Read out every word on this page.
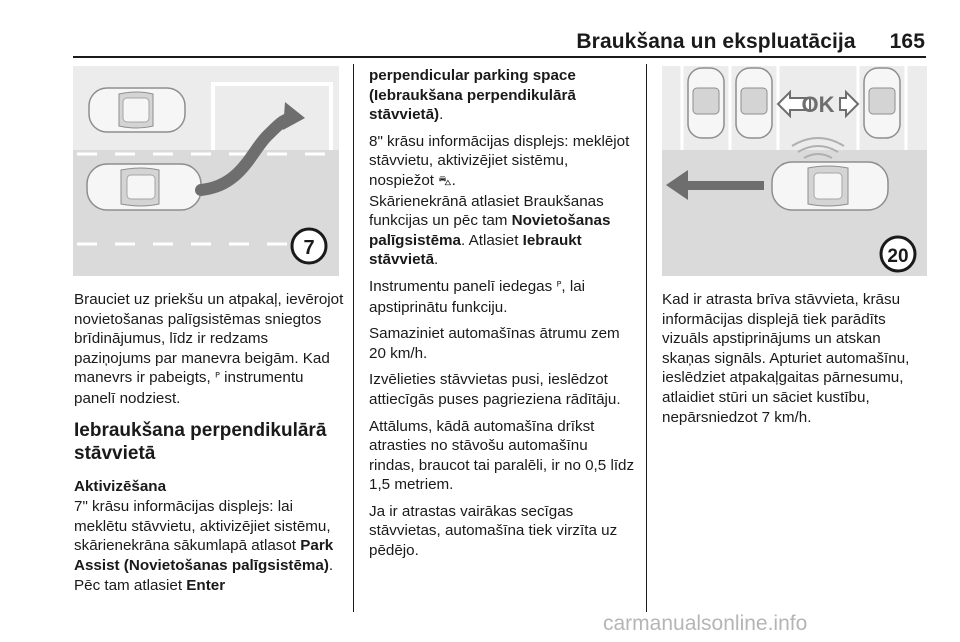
Braukšana un ekspluatācija 165
7
OK
20

Brauciet uz priekšu un atpakaļ, ievērojot novietošanas palīgsistēmas sniegtos brīdinājumus, līdz ir redzams paziņojums par manevra beigām. Kad manevrs ir pabeigts, ᴾ instrumentu panelī nodziest.

Iebraukšana perpendikulārā stāvvietā
Aktivizēšana

7" krāsu informācijas displejs: lai meklētu stāvvietu, aktivizējiet sistēmu, skārienekrāna sākumlapā atlasot Park Assist (Novietošanas palīgsistēma). Pēc tam atlasiet Enter

perpendicular parking space (Iebraukšana perpendikulārā stāvvietā).

8" krāsu informācijas displejs: meklējot stāvvietu, aktivizējiet sistēmu, nospiežot ⛍.
Skārienekrānā atlasiet Braukšanas funkcijas un pēc tam Novietošanas palīgsistēma. Atlasiet Iebraukt stāvvietā.

Instrumentu panelī iedegas ᴾ, lai apstiprinātu funkciju.

Samaziniet automašīnas ātrumu zem 20 km/h.

Izvēlieties stāvvietas pusi, ieslēdzot attiecīgās puses pagrieziena rādītāju.

Attālums, kādā automašīna drīkst atrasties no stāvošu automašīnu rindas, braucot tai paralēli, ir no 0,5 līdz 1,5 metriem.

Ja ir atrastas vairākas secīgas stāvvietas, automašīna tiek virzīta uz pēdējo.

Kad ir atrasta brīva stāvvieta, krāsu informācijas displejā tiek parādīts vizuāls apstiprinājums un atskan skaņas signāls. Apturiet automašīnu, ieslēdziet atpakaļgaitas pārnesumu, atlaidiet stūri un sāciet kustību, nepārsniedzot 7 km/h.

carmanualsonline.info
